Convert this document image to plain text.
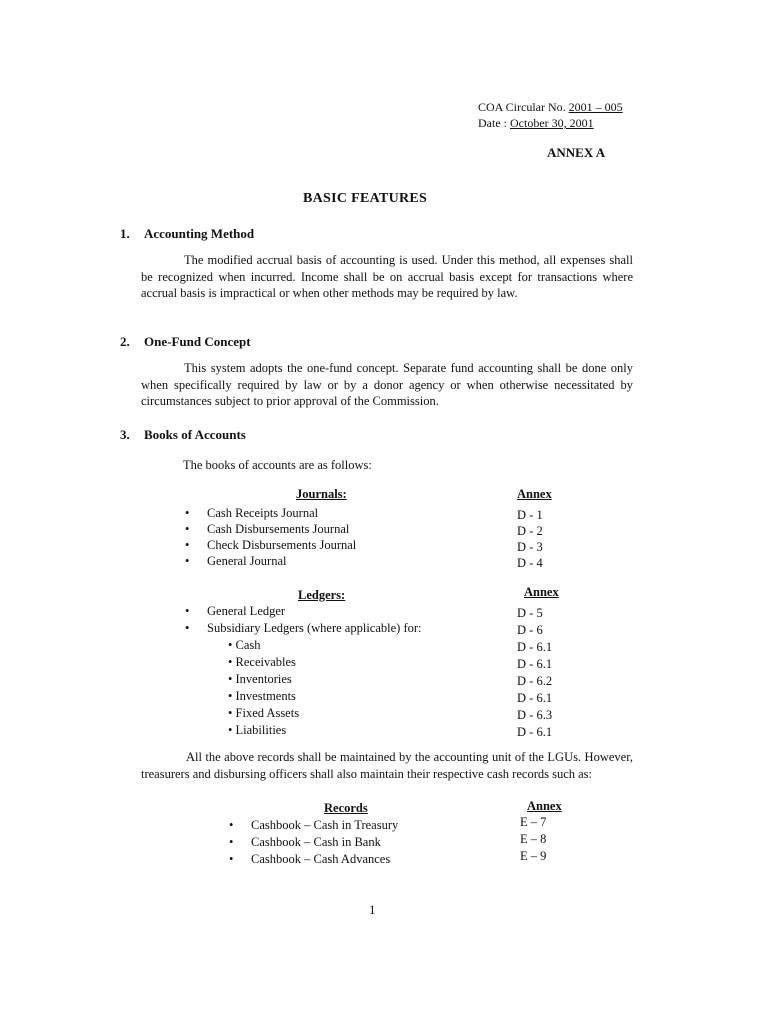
COA Circular No. 2001 – 005
Date : October 30, 2001
ANNEX A
BASIC FEATURES
1. Accounting Method
The modified accrual basis of accounting is used. Under this method, all expenses shall be recognized when incurred. Income shall be on accrual basis except for transactions where accrual basis is impractical or when other methods may be required by law.
2. One-Fund Concept
This system adopts the one-fund concept. Separate fund accounting shall be done only when specifically required by law or by a donor agency or when otherwise necessitated by circumstances subject to prior approval of the Commission.
3. Books of Accounts
The books of accounts are as follows:
Journals:	Annex
• Cash Receipts Journal	D - 1
• Cash Disbursements Journal	D - 2
• Check Disbursements Journal	D - 3
• General Journal	D - 4
Ledgers:	Annex
• General Ledger	D - 5
• Subsidiary Ledgers (where applicable) for:	D - 6
• Cash	D - 6.1
• Receivables	D - 6.1
• Inventories	D - 6.2
• Investments	D - 6.1
• Fixed Assets	D - 6.3
• Liabilities	D - 6.1
All the above records shall be maintained by the accounting unit of the LGUs. However, treasurers and disbursing officers shall also maintain their respective cash records such as:
Records	Annex
• Cashbook – Cash in Treasury	E – 7
• Cashbook – Cash in Bank	E – 8
• Cashbook – Cash Advances	E – 9
1
